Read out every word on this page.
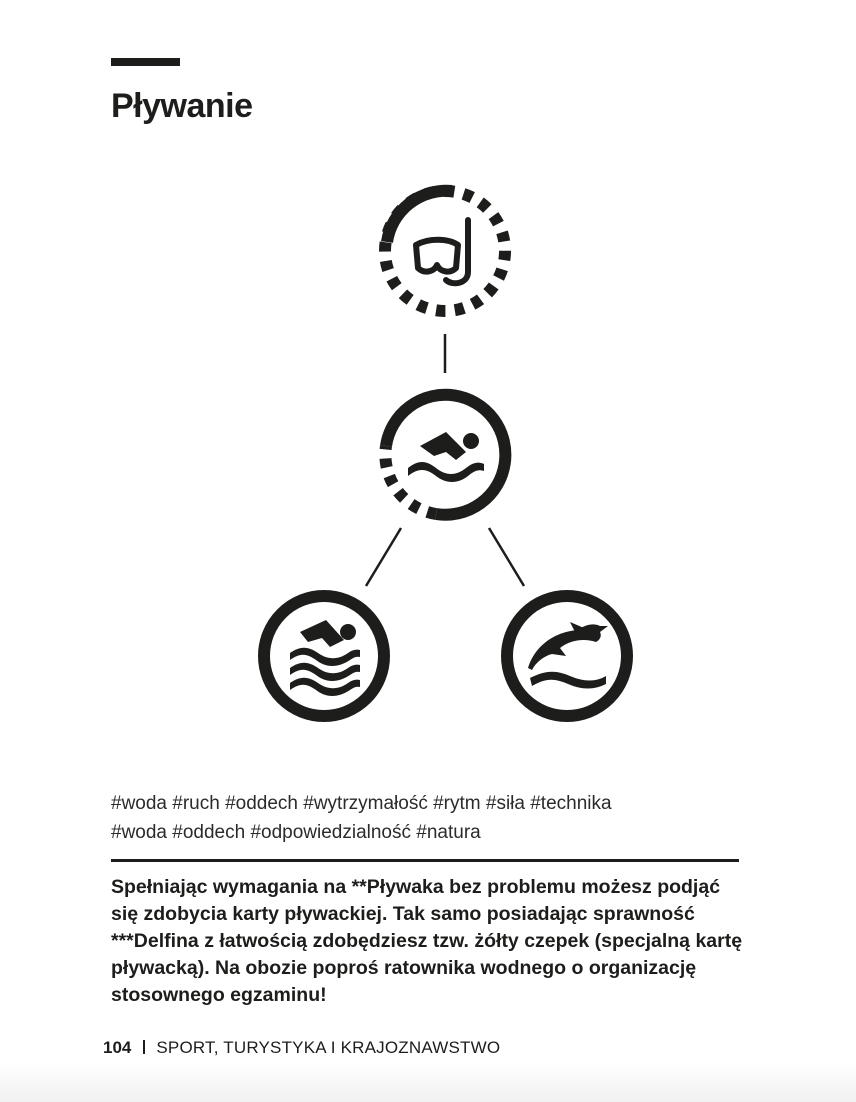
Pływanie
#woda #ruch #oddech #wytrzymałość #rytm #siła #technika
#woda #oddech #odpowiedzialność #natura

Spełniając wymagania na **Pływaka bez problemu możesz podjąć się zdobycia karty pływackiej. Tak samo posiadając sprawność ***Delfina z łatwością zdobędziesz tzw. żółty czepek (specjalną kartę pływacką). Na obozie poproś ratownika wodnego o organizację stosownego egzaminu!

104 SPORT, TURYSTYKA I KRAJOZNAWSTWO
